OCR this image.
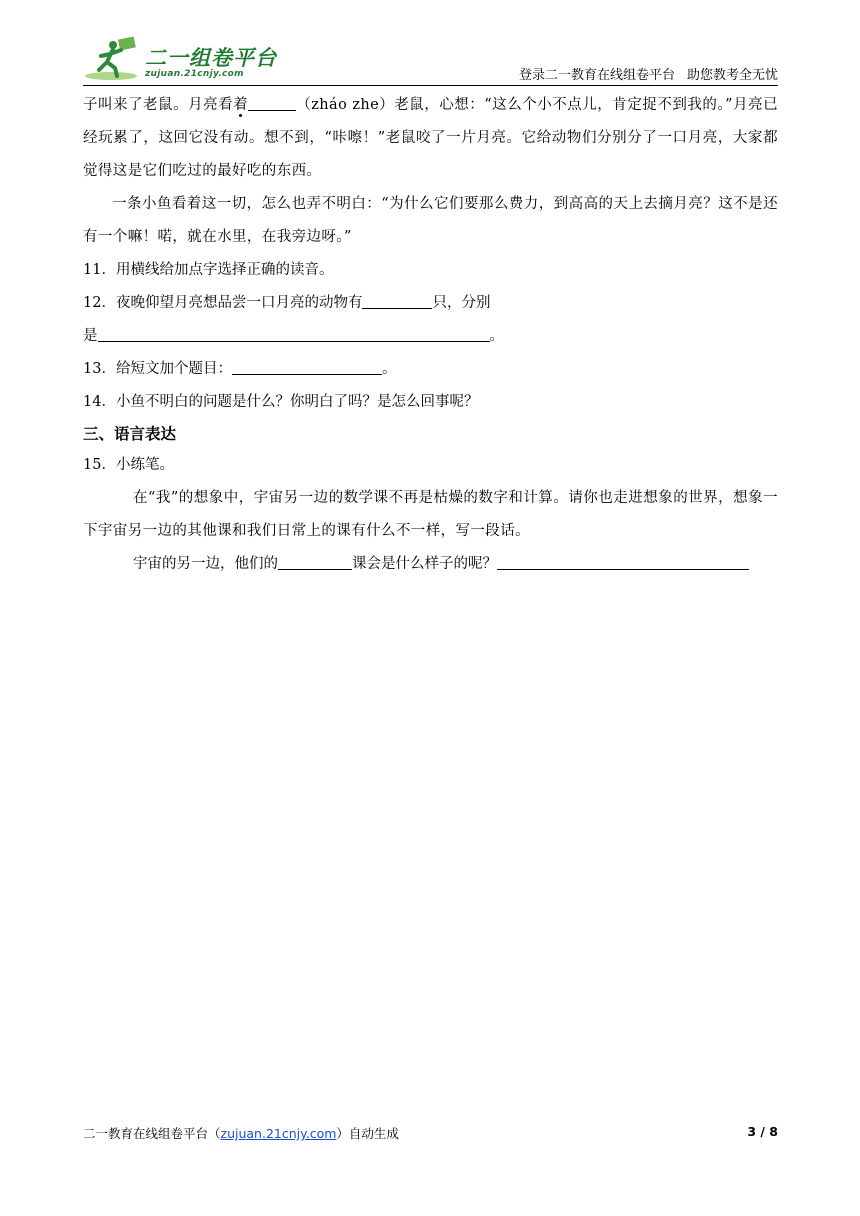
二一组卷平台
zujuan.21cnjy.com	登录二一教育在线组卷平台 助您教考全无忧

子叫来了老鼠。月亮看着	（zháo zhe）老鼠，心想：“这么个小不点儿，肯定捉不到我的。”月亮已经玩累了，这回它没有动。想不到，“咔嚓！”老鼠咬了一片月亮。它给动物们分别分了一口月亮，大家都觉得这是它们吃过的最好吃的东西。

一条小鱼看着这一切，怎么也弄不明白：“为什么它们要那么费力，到高高的天上去摘月亮？这不是还有一个嘛！喏，就在水里，在我旁边呀。”

11．用横线给加点字选择正确的读音。

12．夜晚仰望月亮想品尝一口月亮的动物有	只，分别

是	。

13．给短文加个题目：	。

14．小鱼不明白的问题是什么？你明白了吗？是怎么回事呢？

三、语言表达

15．小练笔。

在“我”的想象中，宇宙另一边的数学课不再是枯燥的数字和计算。请你也走进想象的世界，想象一下宇宙另一边的其他课和我们日常上的课有什么不一样，写一段话。

宇宙的另一边，他们的	课会是什么样子的呢？

二一教育在线组卷平台（zujuan.21cnjy.com）自动生成	3 / 8
